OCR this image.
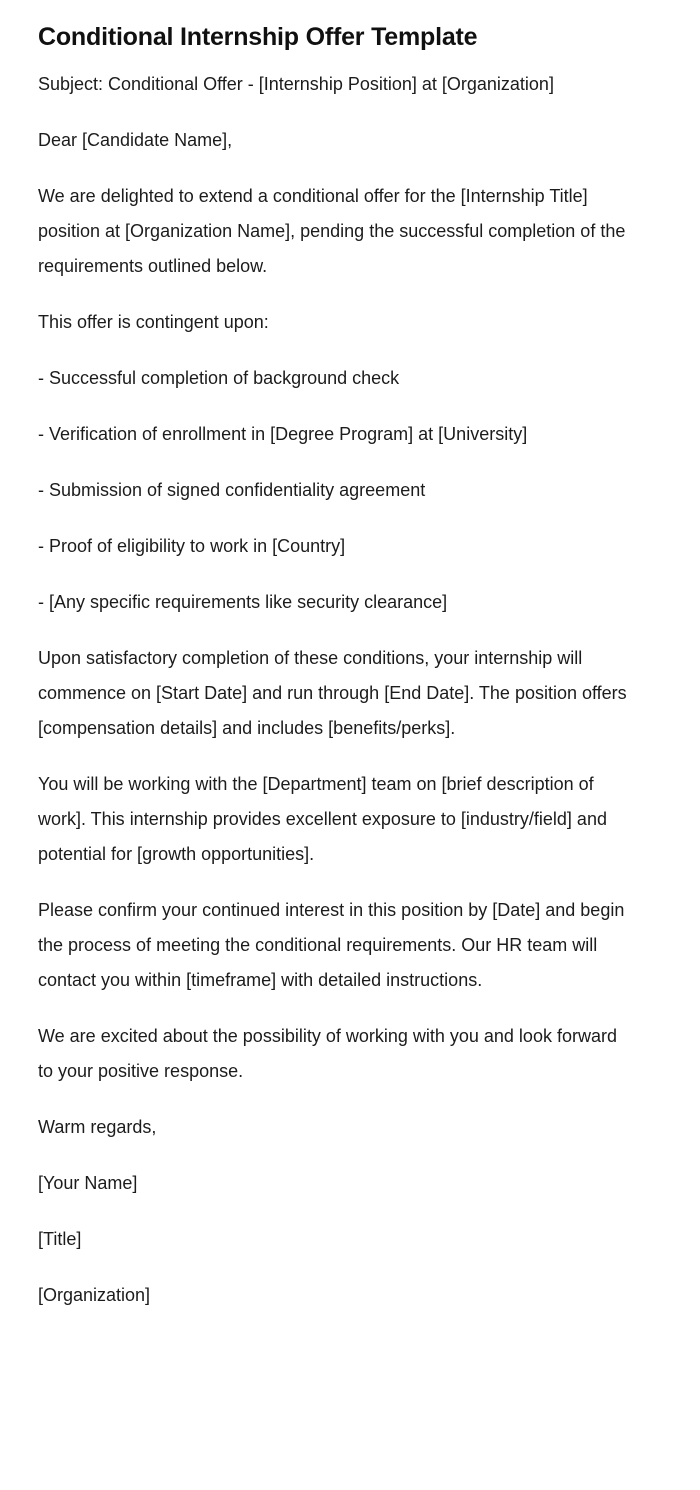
Conditional Internship Offer Template

Subject: Conditional Offer - [Internship Position] at [Organization]

Dear [Candidate Name],

We are delighted to extend a conditional offer for the [Internship Title] position at [Organization Name], pending the successful completion of the requirements outlined below.

This offer is contingent upon:

- Successful completion of background check

- Verification of enrollment in [Degree Program] at [University]

- Submission of signed confidentiality agreement

- Proof of eligibility to work in [Country]

- [Any specific requirements like security clearance]

Upon satisfactory completion of these conditions, your internship will commence on [Start Date] and run through [End Date]. The position offers [compensation details] and includes [benefits/perks].

You will be working with the [Department] team on [brief description of work]. This internship provides excellent exposure to [industry/field] and potential for [growth opportunities].

Please confirm your continued interest in this position by [Date] and begin the process of meeting the conditional requirements. Our HR team will contact you within [timeframe] with detailed instructions.

We are excited about the possibility of working with you and look forward to your positive response.

Warm regards,

[Your Name]

[Title]

[Organization]
